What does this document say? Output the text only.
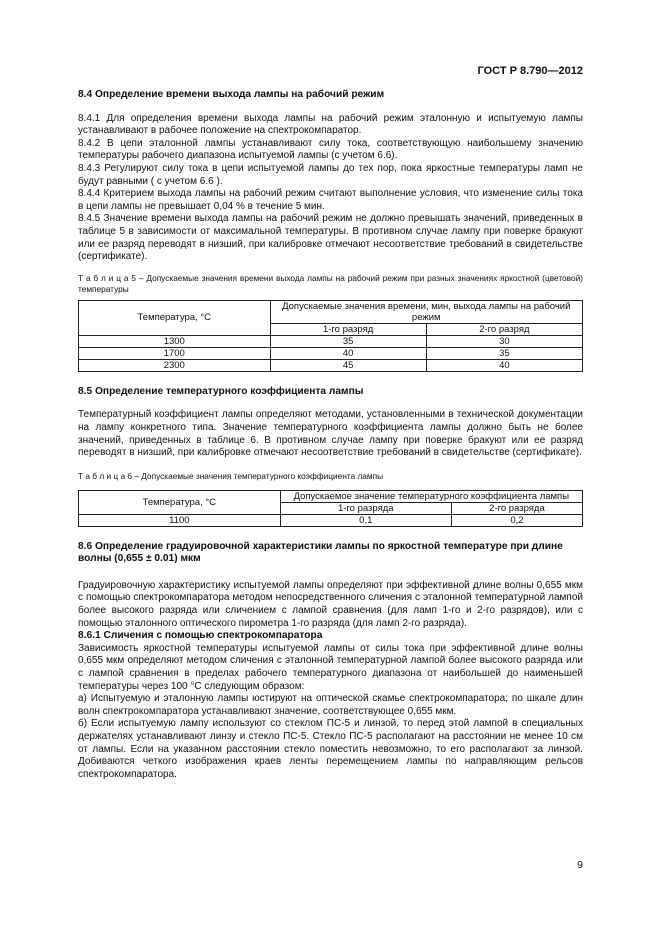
ГОСТ Р 8.790—2012
8.4 Определение времени выхода лампы на рабочий режим

8.4.1 Для определения времени выхода лампы на рабочий режим эталонную и испытуемую лампы устанавливают в рабочее положение на спектрокомпаратор.

8.4.2 В цепи эталонной лампы устанавливают силу тока, соответствующую наибольшему значению температуры рабочего диапазона испытуемой лампы (с учетом 6.6).

8.4.3 Регулируют силу тока в цепи испытуемой лампы до тех пор, пока яркостные температуры ламп не будут равными ( с учетом 6.6 ).

8.4.4 Критерием выхода лампы на рабочий режим считают выполнение условия, что изменение силы тока в цепи лампы не превышает 0,04 % в течение 5 мин.

8.4.5 Значение времени выхода лампы на рабочий режим не должно превышать значений, приведенных в таблице 5 в зависимости от максимальной температуры. В противном случае лампу при поверке бракуют или ее разряд переводят в низший, при калибровке отмечают несоответствие требований в свидетельстве (сертификате).

Т а б л и ц а 5 – Допускаемые значения времени выхода лампы на рабочий режим при разных значениях яркостной (цветовой) температуры

Температура, °С	Допускаемые значения времени, мин, выхода лампы на рабочий режим	
	1-го разряд	2-го разряд
1300	35	30
1700	40	35
2300	45	40
8.5 Определение температурного коэффициента лампы

Температурный коэффициент лампы определяют методами, установленными в технической документации на лампу конкретного типа. Значение температурного коэффициента лампы должно быть не более значений, приведенных в таблице 6. В противном случае лампу при поверке бракуют или ее разряд переводят в низший, при калибровке отмечают несоответствие требований в свидетельстве (сертификате).

Т а б л и ц а 6 – Допускаемые значения температурного коэффициента лампы

Температура, °С	Допускаемое значение температурного коэффициента лампы	
	1-го разряда	2-го разряда
1100	0,1	0,2
8.6 Определение градуировочной характеристики лампы по яркостной температуре при длине волны (0,655 ± 0.01) мкм

Градуировочную характеристику испытуемой лампы определяют при эффективной длине волны 0,655 мкм с помощью спектрокомпаратора методом непосредственного сличения с эталонной температурной лампой более высокого разряда или сличением с лампой сравнения (для ламп 1-го и 2-го разрядов), или с помощью эталонного оптического пирометра 1-го разряда (для ламп 2-го разряда).

8.6.1 Сличения с помощью спектрокомпаратора

Зависимость яркостной температуры испытуемой лампы от силы тока при эффективной длине волны 0,655 мкм определяют методом сличения с эталонной температурной лампой более высокого разряда или с лампой сравнения в пределах рабочего температурного диапазона от наибольшей до наименьшей температуры через 100 °С следующим образом:

а) Испытуемую и эталонную лампы юстируют на оптической скамье спектрокомпаратора; по шкале длин волн спектрокомпаратора устанавливают значение, соответствующее 0,655 мкм.

б) Если испытуемую лампу используют со стеклом ПС-5 и линзой, то перед этой лампой в специальных держателях устанавливают линзу и стекло ПС-5. Стекло ПС-5 располагают на расстоянии не менее 10 см от лампы. Если на указанном расстоянии стекло поместить невозможно, то его располагают за линзой. Добиваются четкого изображения краев ленты перемещением лампы по направляющим рельсов спектрокомпаратора.

9
